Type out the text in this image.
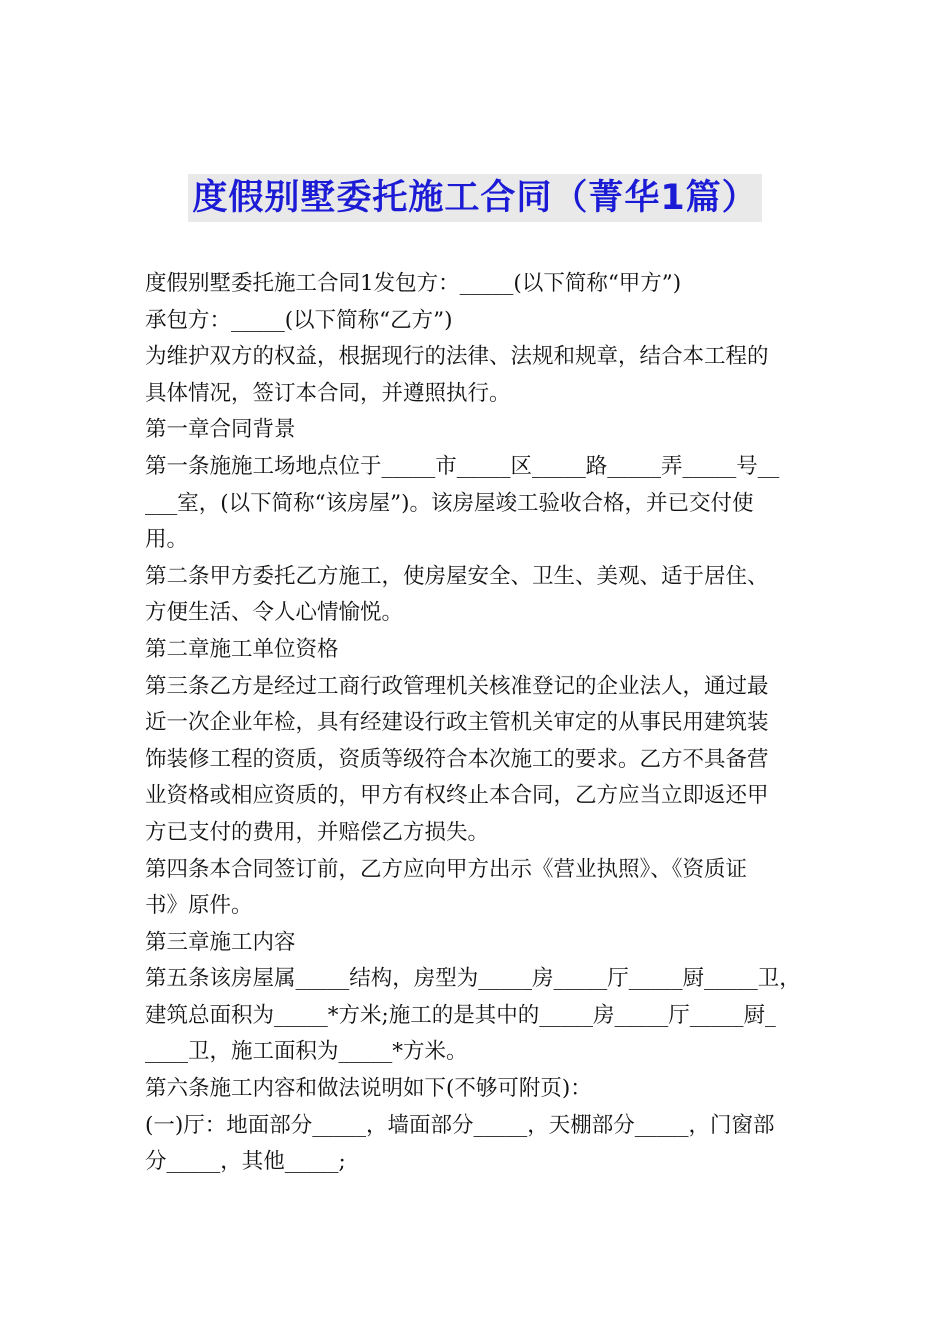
度假别墅委托施工合同（菁华1篇）
度假别墅委托施工合同1发包方：_____(以下简称“甲方”)
承包方：_____(以下简称“乙方”)
为维护双方的权益，根据现行的法律、法规和规章，结合本工程的
具体情况，签订本合同，并遵照执行。
第一章合同背景
第一条施施工场地点位于_____市_____区_____路_____弄_____号__
___室，(以下简称“该房屋”)。该房屋竣工验收合格，并已交付使
用。
第二条甲方委托乙方施工，使房屋安全、卫生、美观、适于居住、
方便生活、令人心情愉悦。
第二章施工单位资格
第三条乙方是经过工商行政管理机关核准登记的企业法人，通过最
近一次企业年检，具有经建设行政主管机关审定的从事民用建筑装
饰装修工程的资质，资质等级符合本次施工的要求。乙方不具备营
业资格或相应资质的，甲方有权终止本合同，乙方应当立即返还甲
方已支付的费用，并赔偿乙方损失。
第四条本合同签订前，乙方应向甲方出示《营业执照》、《资质证
书》原件。
第三章施工内容
第五条该房屋属_____结构，房型为_____房_____厅_____厨_____卫，
建筑总面积为_____*方米;施工的是其中的_____房_____厅_____厨_
____卫，施工面积为_____*方米。
第六条施工内容和做法说明如下(不够可附页)：
(一)厅：地面部分_____，墙面部分_____，天棚部分_____，门窗部
分_____，其他_____;
